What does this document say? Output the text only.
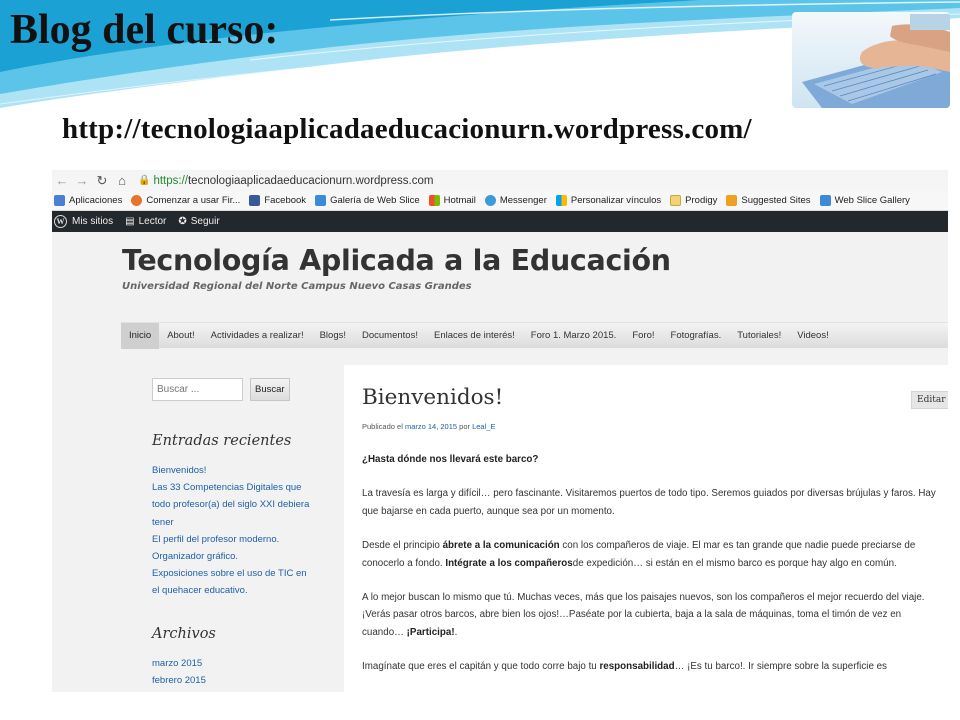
Blog del curso:
http://tecnologiaaplicadaeducacionurn.wordpress.com/
← → ↻ ⌂	🔒 https:// tecnologiaaplicadaeducacionurn.wordpress.com
Aplicaciones	Comenzar a usar Fir...	Facebook	Galería de Web Slice	Hotmail	Messenger	Personalizar vínculos	Prodigy	Suggested Sites	Web Slice Gallery
W Mis sitios ▤ Lector ✪ Seguir
Tecnología Aplicada a la Educación
Universidad Regional del Norte Campus Nuevo Casas Grandes
Inicio	About!	Actividades a realizar!	Blogs!	Documentos!	Enlaces de interés!	Foro 1. Marzo 2015.	Foro!	Fotografías.	Tutoriales!	Videos!
Buscar ...
Buscar
Entradas recientes
Bienvenidos!
Las 33 Competencias Digitales que todo profesor(a) del siglo XXI debiera tener
El perfil del profesor moderno.
Organizador gráfico.
Exposiciones sobre el uso de TIC en el quehacer educativo.
Archivos
marzo 2015
febrero 2015
Bienvenidos!	Editar
Publicado el marzo 14, 2015 por Leal_E

¿Hasta dónde nos llevará este barco?

La travesía es larga y difícil… pero fascinante. Visitaremos puertos de todo tipo. Seremos guiados por diversas brújulas y faros. Hay que bajarse en cada puerto, aunque sea por un momento.

Desde el principio ábrete a la comunicación con los compañeros de viaje. El mar es tan grande que nadie puede preciarse de conocerlo a fondo. Intégrate a los compañerosde expedición… si están en el mismo barco es porque hay algo en común.

A lo mejor buscan lo mismo que tú. Muchas veces, más que los paisajes nuevos, son los compañeros el mejor recuerdo del viaje. ¡Verás pasar otros barcos, abre bien los ojos!…Paséate por la cubierta, baja a la sala de máquinas, toma el timón de vez en cuando… ¡Participa!.

Imagínate que eres el capitán y que todo corre bajo tu responsabilidad… ¡Es tu barco!. Ir siempre sobre la superficie es
